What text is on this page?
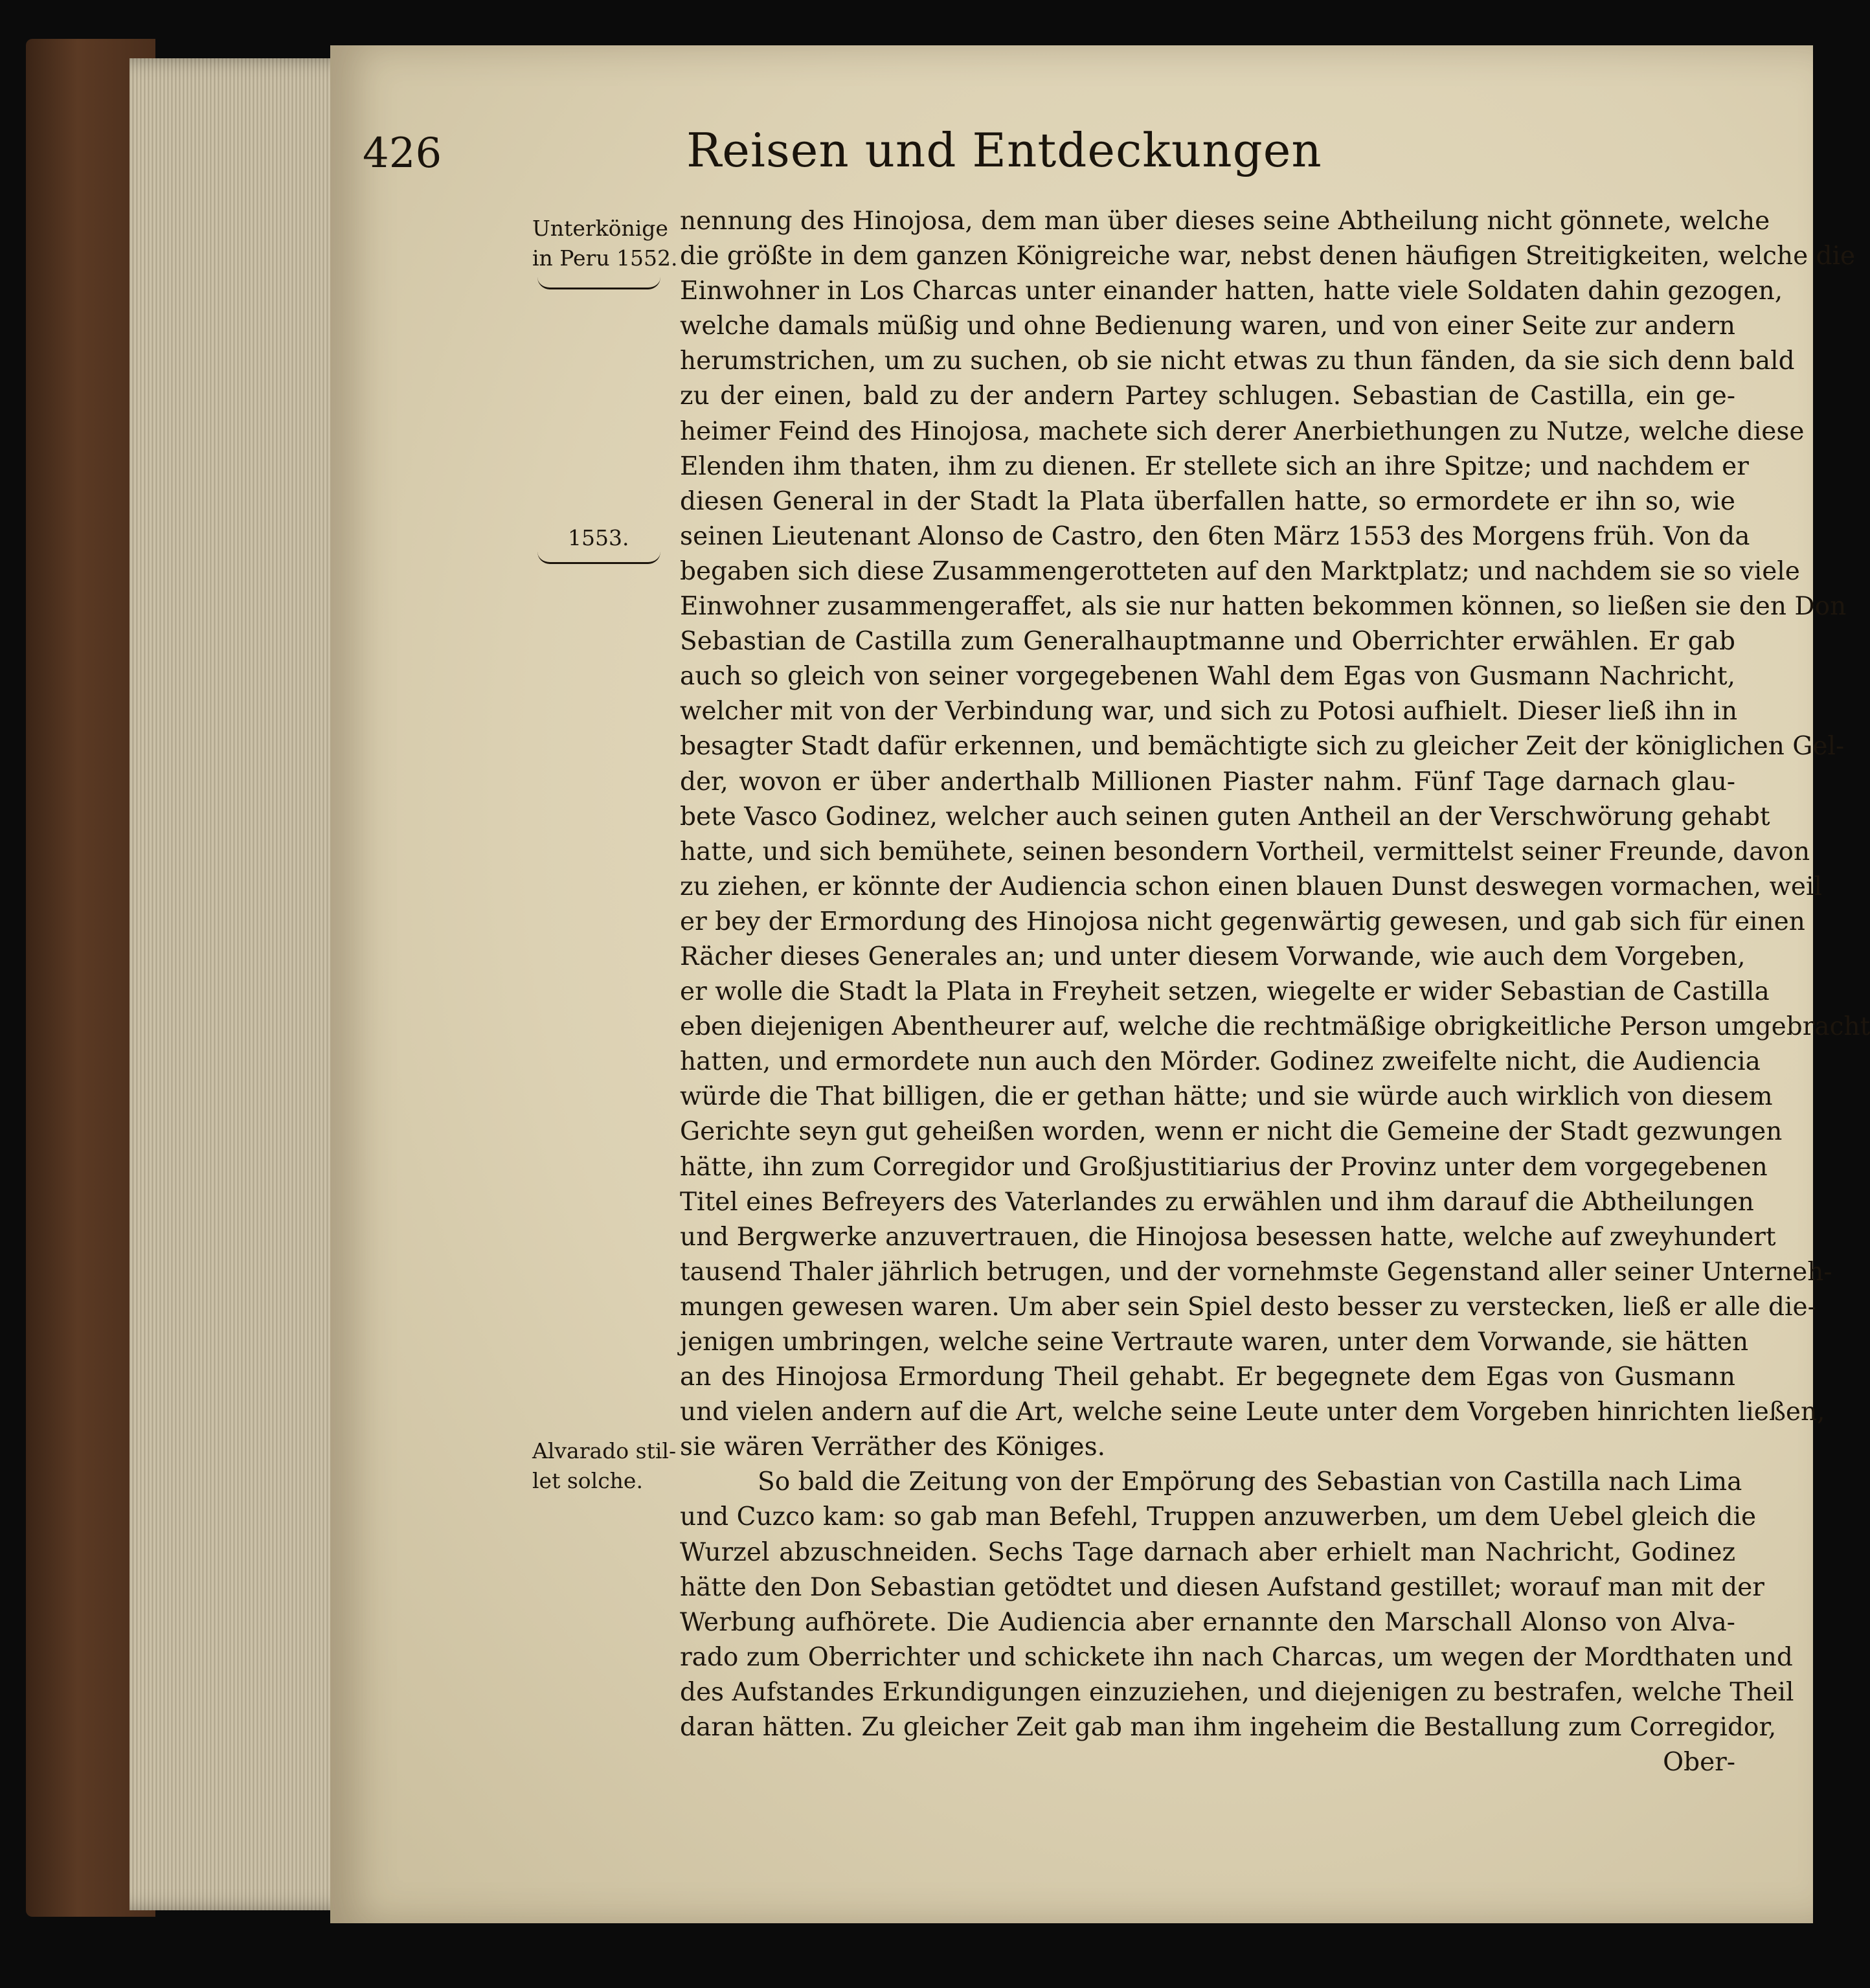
426	Reisen und Entdeckungen
Unterkönige
in Peru 1552.
1553.
Alvarado stil-
let solche.
nennung des Hinojosa, dem man über dieses seine Abtheilung nicht gönnete, welche
die größte in dem ganzen Königreiche war, nebst denen häufigen Streitigkeiten, welche die
Einwohner in Los Charcas unter einander hatten, hatte viele Soldaten dahin gezogen,
welche damals müßig und ohne Bedienung waren, und von einer Seite zur andern
herumstrichen, um zu suchen, ob sie nicht etwas zu thun fänden, da sie sich denn bald
zu der einen, bald zu der andern Partey schlugen. Sebastian de Castilla, ein ge-
heimer Feind des Hinojosa, machete sich derer Anerbiethungen zu Nutze, welche diese
Elenden ihm thaten, ihm zu dienen. Er stellete sich an ihre Spitze; und nachdem er
diesen General in der Stadt la Plata überfallen hatte, so ermordete er ihn so, wie
seinen Lieutenant Alonso de Castro, den 6ten März 1553 des Morgens früh. Von da
begaben sich diese Zusammengerotteten auf den Marktplatz; und nachdem sie so viele
Einwohner zusammengeraffet, als sie nur hatten bekommen können, so ließen sie den Don
Sebastian de Castilla zum Generalhauptmanne und Oberrichter erwählen. Er gab
auch so gleich von seiner vorgegebenen Wahl dem Egas von Gusmann Nachricht,
welcher mit von der Verbindung war, und sich zu Potosi aufhielt. Dieser ließ ihn in
besagter Stadt dafür erkennen, und bemächtigte sich zu gleicher Zeit der königlichen Gel-
der, wovon er über anderthalb Millionen Piaster nahm. Fünf Tage darnach glau-
bete Vasco Godinez, welcher auch seinen guten Antheil an der Verschwörung gehabt
hatte, und sich bemühete, seinen besondern Vortheil, vermittelst seiner Freunde, davon
zu ziehen, er könnte der Audiencia schon einen blauen Dunst deswegen vormachen, weil
er bey der Ermordung des Hinojosa nicht gegenwärtig gewesen, und gab sich für einen
Rächer dieses Generales an; und unter diesem Vorwande, wie auch dem Vorgeben,
er wolle die Stadt la Plata in Freyheit setzen, wiegelte er wider Sebastian de Castilla
eben diejenigen Abentheurer auf, welche die rechtmäßige obrigkeitliche Person umgebracht
hatten, und ermordete nun auch den Mörder. Godinez zweifelte nicht, die Audiencia
würde die That billigen, die er gethan hätte; und sie würde auch wirklich von diesem
Gerichte seyn gut geheißen worden, wenn er nicht die Gemeine der Stadt gezwungen
hätte, ihn zum Corregidor und Großjustitiarius der Provinz unter dem vorgegebenen
Titel eines Befreyers des Vaterlandes zu erwählen und ihm darauf die Abtheilungen
und Bergwerke anzuvertrauen, die Hinojosa besessen hatte, welche auf zweyhundert
tausend Thaler jährlich betrugen, und der vornehmste Gegenstand aller seiner Unterneh-
mungen gewesen waren. Um aber sein Spiel desto besser zu verstecken, ließ er alle die-
jenigen umbringen, welche seine Vertraute waren, unter dem Vorwande, sie hätten
an des Hinojosa Ermordung Theil gehabt. Er begegnete dem Egas von Gusmann
und vielen andern auf die Art, welche seine Leute unter dem Vorgeben hinrichten ließen,
sie wären Verräther des Königes.
So bald die Zeitung von der Empörung des Sebastian von Castilla nach Lima
und Cuzco kam: so gab man Befehl, Truppen anzuwerben, um dem Uebel gleich die
Wurzel abzuschneiden. Sechs Tage darnach aber erhielt man Nachricht, Godinez
hätte den Don Sebastian getödtet und diesen Aufstand gestillet; worauf man mit der
Werbung aufhörete. Die Audiencia aber ernannte den Marschall Alonso von Alva-
rado zum Oberrichter und schickete ihn nach Charcas, um wegen der Mordthaten und
des Aufstandes Erkundigungen einzuziehen, und diejenigen zu bestrafen, welche Theil
daran hätten. Zu gleicher Zeit gab man ihm ingeheim die Bestallung zum Corregidor,
Ober-
